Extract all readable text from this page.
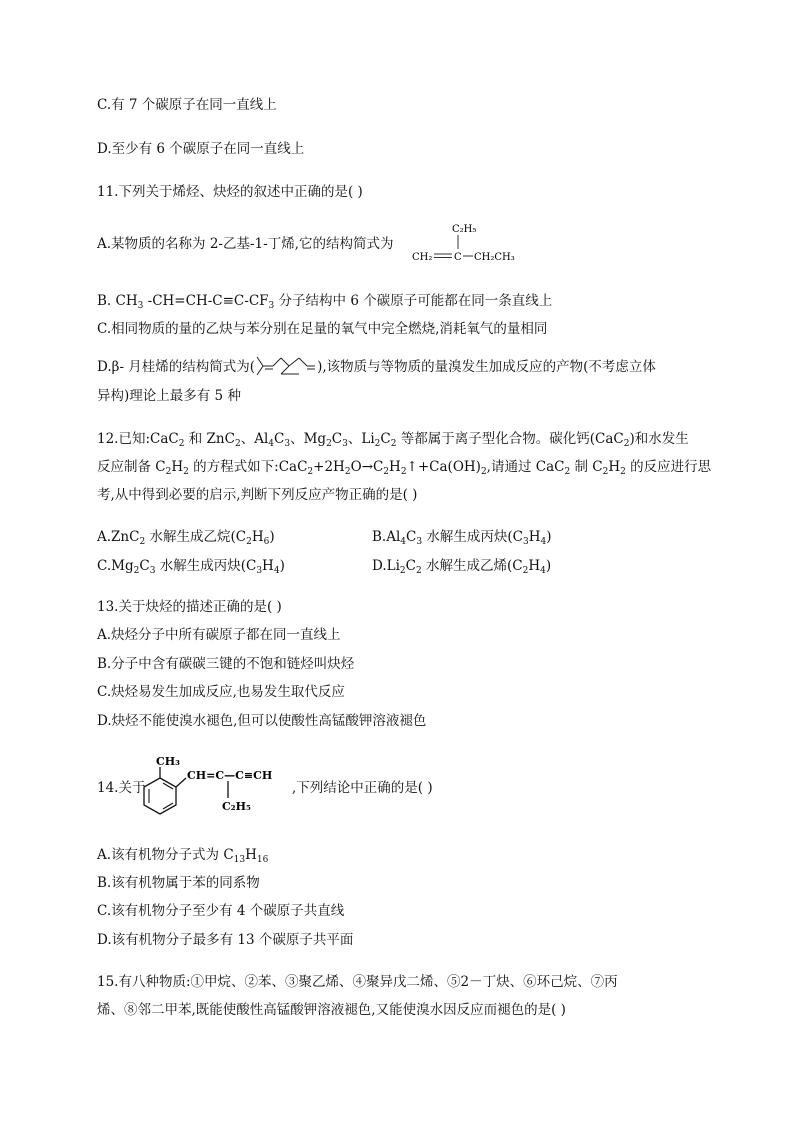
C.有 7 个碳原子在同一直线上
D.至少有 6 个碳原子在同一直线上
11.下列关于烯烃、炔烃的叙述中正确的是( )
A.某物质的名称为 2-乙基-1-丁烯,它的结构简式为
C₂H₅
CH₂ C CH₂CH₃
B. $CH_3$ $-CH=CH-C\equiv C-CF_3$ 分子结构中 6 个碳原子可能都在同一条直线上
C.相同物质的量的乙炔与苯分别在足量的氧气中完全燃烧,消耗氧气的量相同
D.β- 月桂烯的结构简式为(	),该物质与等物质的量溴发生加成反应的产物(不考虑立体
异构)理论上最多有 5 种
12.已知:CaC$_2$ 和 ZnC$_2$、$Al_4C_3$、$Mg_2C_3$、$Li_2C_2$ 等都属于离子型化合物。碳化钙(CaC$_2$)和水发生
反应制备 $C_2H_2$ 的方程式如下$:CaC_2+2H_2O\to C_2H_2↑+Ca(OH)_2$,请通过 CaC$_2$ 制 $C_2H_2$ 的反应进行思
考,从中得到必要的启示,判断下列反应产物正确的是( )
A.ZnC$_2$ 水解生成乙烷$(C_2H_6)$	$B.Al_4C_3$ 水解生成丙炔$(C_3H_4)$
$C.Mg_2C_3$ 水解生成丙炔$(C_3H_4)$	$D.Li_2C_2$ 水解生成乙烯$(C_2H_4)$
13.关于炔烃的描述正确的是( )
A.炔烃分子中所有碳原子都在同一直线上
B.分子中含有碳碳三键的不饱和链烃叫炔烃
C.炔烃易发生加成反应,也易发生取代反应
D.炔烃不能使溴水褪色,但可以使酸性高锰酸钾溶液褪色
14.关于
CH₃
CH=C—C≡CH
C₂H₅
,下列结论中正确的是( )
A.该有机物分子式为 $C_{13}H_{16}$
B.该有机物属于苯的同系物
C.该有机物分子至少有 4 个碳原子共直线
D.该有机物分子最多有 13 个碳原子共平面
15.有八种物质:①甲烷、②苯、③聚乙烯、④聚异戊二烯、⑤2－丁炔、⑥环己烷、⑦丙
烯、⑧邻二甲苯,既能使酸性高锰酸钾溶液褪色,又能使溴水因反应而褪色的是( )
